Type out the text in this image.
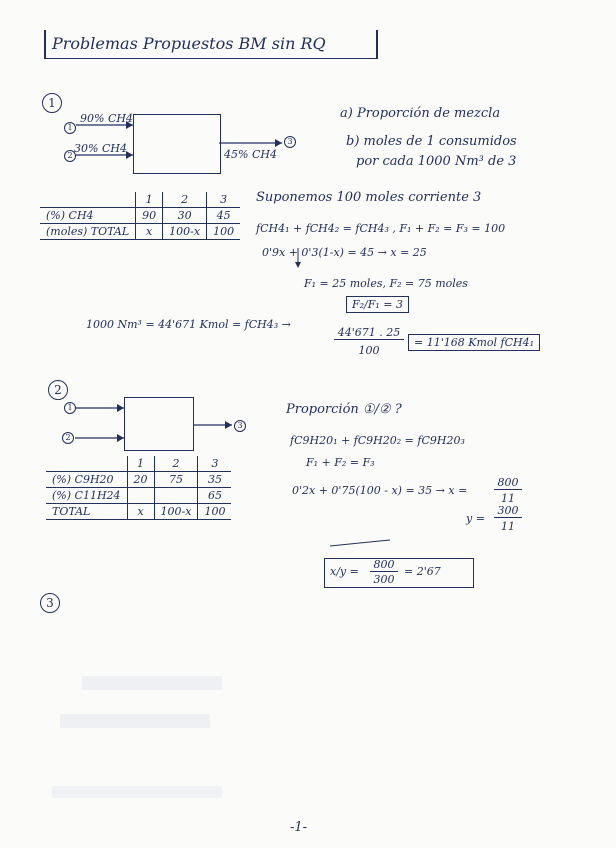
Problemas Propuestos BM sin RQ
1
1
2
3
90% CH4
30% CH4	45% CH4
a) Proporción de mezcla
b) moles de 1 consumidos
por cada 1000 Nm³ de 3
	1	2	3
(%) CH4	90	30	45
(moles) TOTAL	x	100-x	100
Suponemos 100 moles corriente 3
fCH4₁ + fCH4₂ = fCH4₃ , F₁ + F₂ = F₃ = 100
0'9x + 0'3(1-x) = 45 → x = 25
F₁ = 25 moles, F₂ = 75 moles
F₂/F₁ = 3
1000 Nm³ = 44'671 Kmol = fCH4₃ →
44'671 . 25
100
= 11'168 Kmol fCH4₁
2
1
2
3
Proporción ①/② ?
	1	2	3
(%) C9H20	20	75	35
(%) C11H24			65
TOTAL	x	100-x	100
fC9H20₁ + fC9H20₂ = fC9H20₃
F₁ + F₂ = F₃
0'2x + 0'75(100 - x) = 35 → x =
800
11
y =
300
11
x/y =
800
300
= 2'67
3
-1-
